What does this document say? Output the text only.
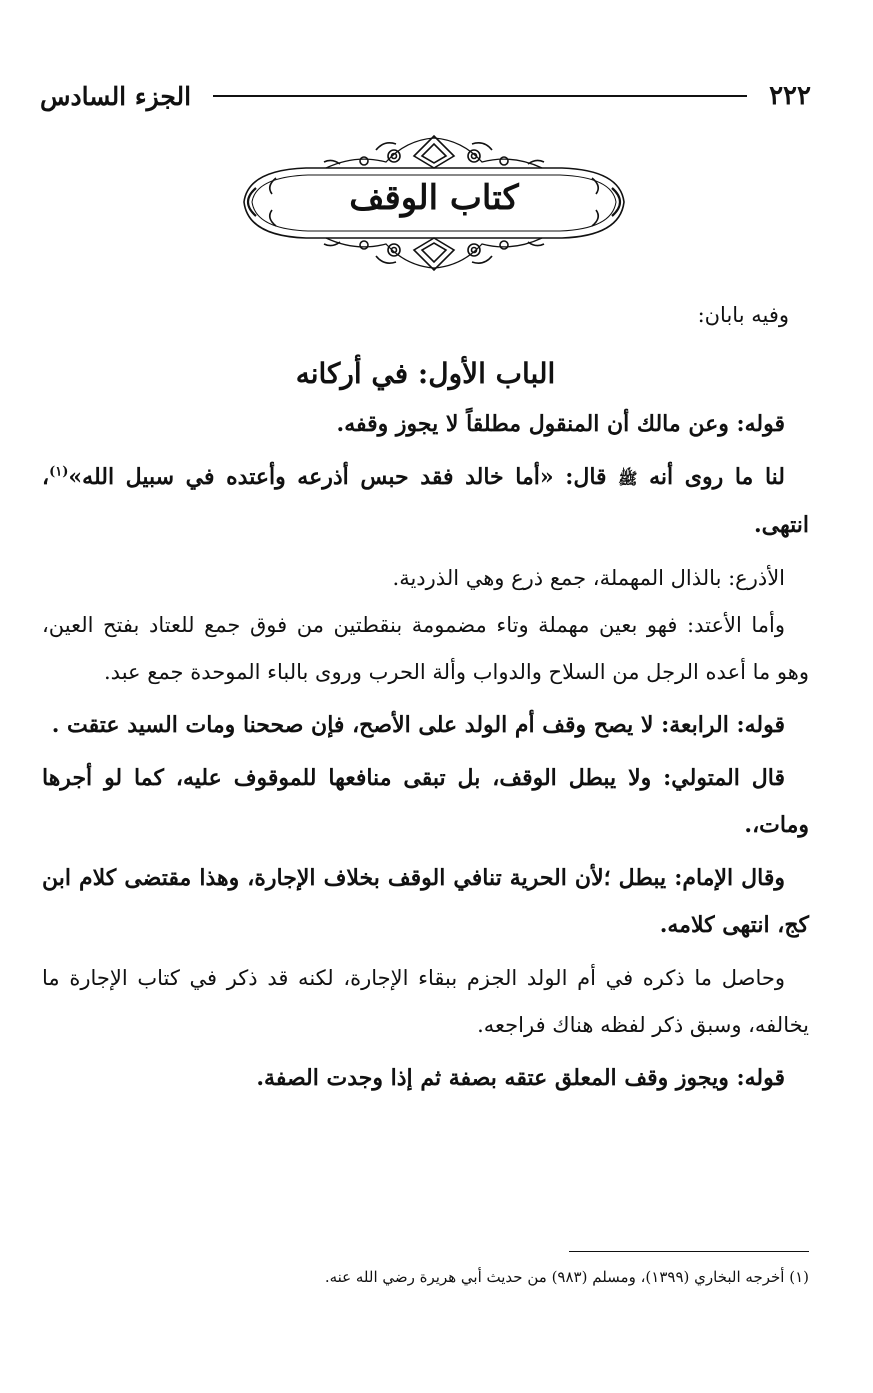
٢٢٢
الجزء السادس
كتاب الوقف

وفيه بابان:

الباب الأول: في أركانه

قوله: وعن مالك أن المنقول مطلقاً لا يجوز وقفه.

لنا ما روى أنه ﷺ قال: «أما خالد فقد حبس أذرعه وأعتده في سبيل الله»$^{(١)}$، انتهى.

الأذرع: بالذال المهملة، جمع ذرع وهي الذردية.

وأما الأعتد: فهو بعين مهملة وتاء مضمومة بنقطتين من فوق جمع للعتاد بفتح العين، وهو ما أعده الرجل من السلاح والدواب وألة الحرب وروى بالباء الموحدة جمع عبد.

قوله: الرابعة: لا يصح وقف أم الولد على الأصح، فإن صححنا ومات السيد عتقت .

قال المتولي: ولا يبطل الوقف، بل تبقى منافعها للموقوف عليه، كما لو أجرها ومات،.

وقال الإمام: يبطل ؛لأن الحرية تنافي الوقف بخلاف الإجارة، وهذا مقتضى كلام ابن كج، انتهى كلامه.

وحاصل ما ذكره في أم الولد الجزم ببقاء الإجارة، لكنه قد ذكر في كتاب الإجارة ما يخالفه، وسبق ذكر لفظه هناك فراجعه.

قوله: ويجوز وقف المعلق عتقه بصفة ثم إذا وجدت الصفة.

(١) أخرجه البخاري (١٣٩٩)، ومسلم (٩٨٣) من حديث أبي هريرة رضي الله عنه.
